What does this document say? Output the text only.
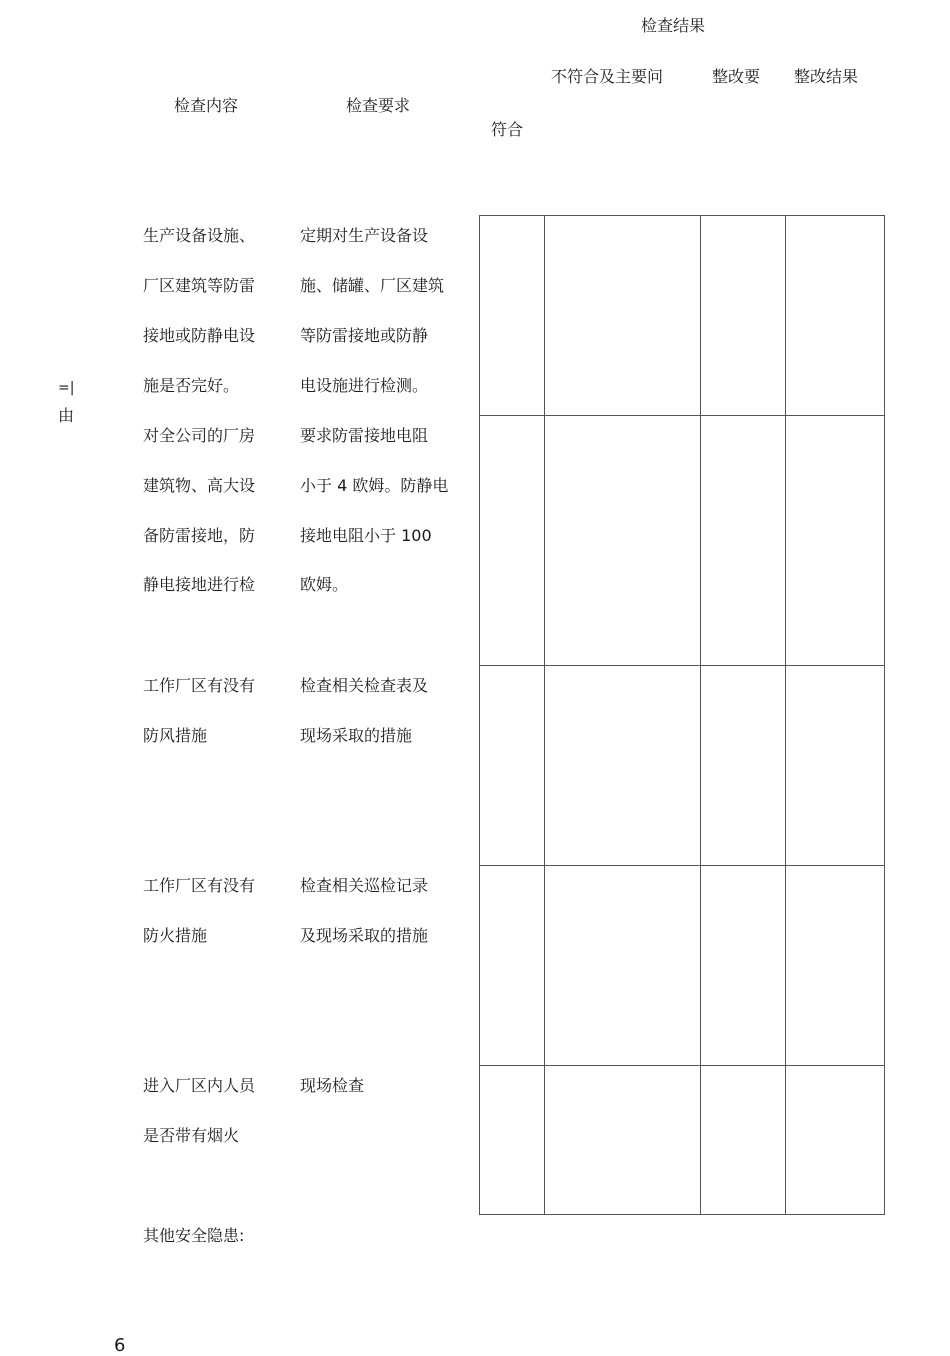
检查结果
不符合及主要问	整改要 整改结果
检查内容	检查要求
符合
=|
由
生产设备设施、
厂区建筑等防雷
接地或防静电设
施是否完好。
定期对生产设备设
施、储罐、厂区建筑
等防雷接地或防静
电设施进行检测。
对全公司的厂房
建筑物、高大设
备防雷接地，防
静电接地进行检
要求防雷接地电阻
小于 4 欧姆。防静电
接地电阻小于 100
欧姆。
工作厂区有没有
防风措施
检查相关检查表及
现场采取的措施
工作厂区有没有
防火措施
检查相关巡检记录
及现场采取的措施
进入厂区内人员
是否带有烟火
现场检查
其他安全隐患:
6
